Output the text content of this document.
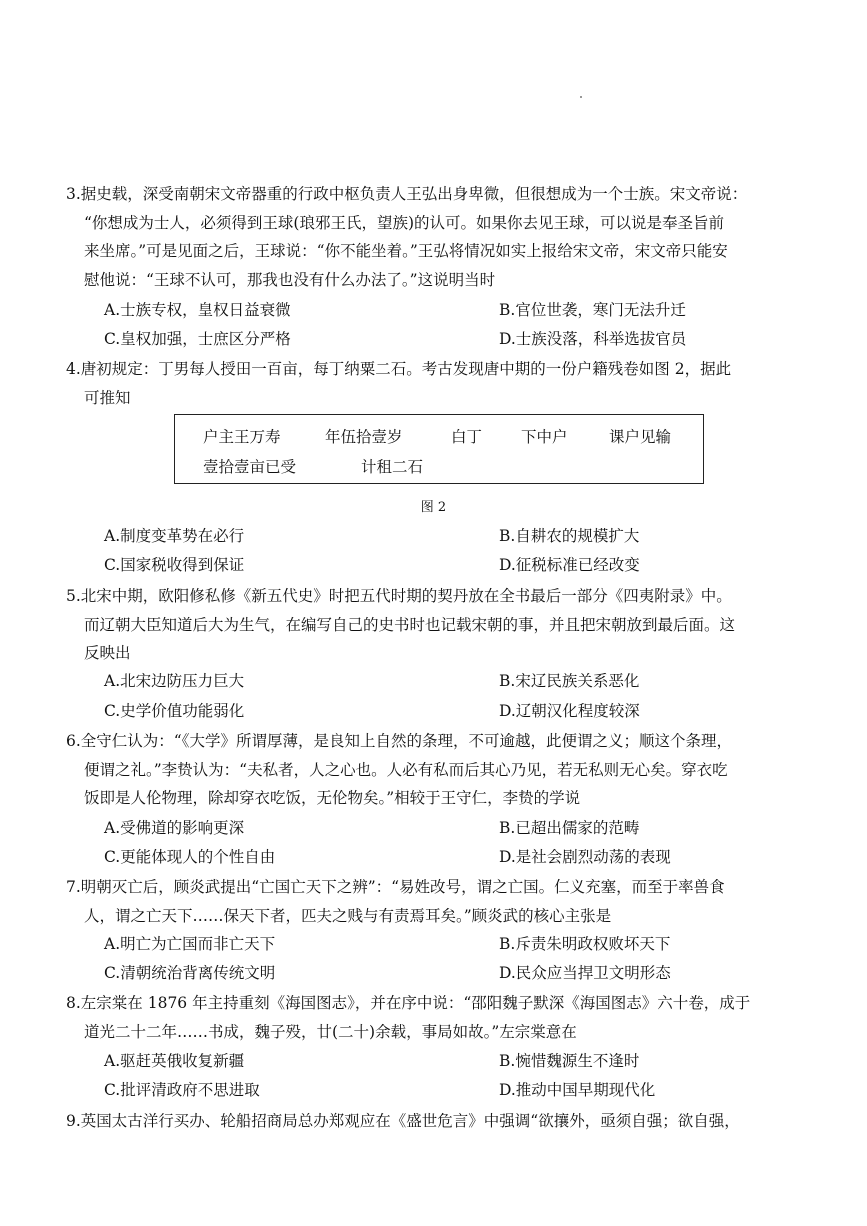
3.据史载，深受南朝宋文帝器重的行政中枢负责人王弘出身卑微，但很想成为一个士族。宋文帝说：

“你想成为士人，必须得到王球(琅邪王氏，望族)的认可。如果你去见王球，可以说是奉圣旨前

来坐席。”可是见面之后，王球说：“你不能坐着。”王弘将情况如实上报给宋文帝，宋文帝只能安

慰他说：“王球不认可，那我也没有什么办法了。”这说明当时

A.士族专权，皇权日益衰微	B.官位世袭，寒门无法升迁
C.皇权加强，士庶区分严格	D.士族没落，科举选拔官员

4.唐初规定：丁男每人授田一百亩，每丁纳粟二石。考古发现唐中期的一份户籍残卷如图 2，据此

可推知

户主王万寿	年伍拾壹岁	白丁	下中户	课户见输
壹拾壹亩已受	计租二石
图 2
A.制度变革势在必行	B.自耕农的规模扩大
C.国家税收得到保证	D.征税标准已经改变

5.北宋中期，欧阳修私修《新五代史》时把五代时期的契丹放在全书最后一部分《四夷附录》中。

而辽朝大臣知道后大为生气，在编写自己的史书时也记载宋朝的事，并且把宋朝放到最后面。这

反映出

A.北宋边防压力巨大	B.宋辽民族关系恶化
C.史学价值功能弱化	D.辽朝汉化程度较深

6.全守仁认为：“《大学》所谓厚薄，是良知上自然的条理，不可逾越，此便谓之义；顺这个条理，

便谓之礼。”李贽认为：“夫私者，人之心也。人必有私而后其心乃见，若无私则无心矣。穿衣吃

饭即是人伦物理，除却穿衣吃饭，无伦物矣。”相较于王守仁，李贽的学说

A.受佛道的影响更深	B.已超出儒家的范畴
C.更能体现人的个性自由	D.是社会剧烈动荡的表现

7.明朝灭亡后，顾炎武提出“亡国亡天下之辨”：“易姓改号，谓之亡国。仁义充塞，而至于率兽食

人，谓之亡天下……保天下者，匹夫之贱与有责焉耳矣。”顾炎武的核心主张是

A.明亡为亡国而非亡天下	B.斥责朱明政权败坏天下
C.清朝统治背离传统文明	D.民众应当捍卫文明形态

8.左宗棠在 1876 年主持重刻《海国图志》，并在序中说：“邵阳魏子默深《海国图志》六十卷，成于

道光二十二年……书成，魏子殁，廿(二十)余载，事局如故。”左宗棠意在

A.驱赶英俄收复新疆	B.惋惜魏源生不逢时
C.批评清政府不思进取	D.推动中国早期现代化

9.英国太古洋行买办、轮船招商局总办郑观应在《盛世危言》中强调“欲攘外，亟须自强；欲自强，
